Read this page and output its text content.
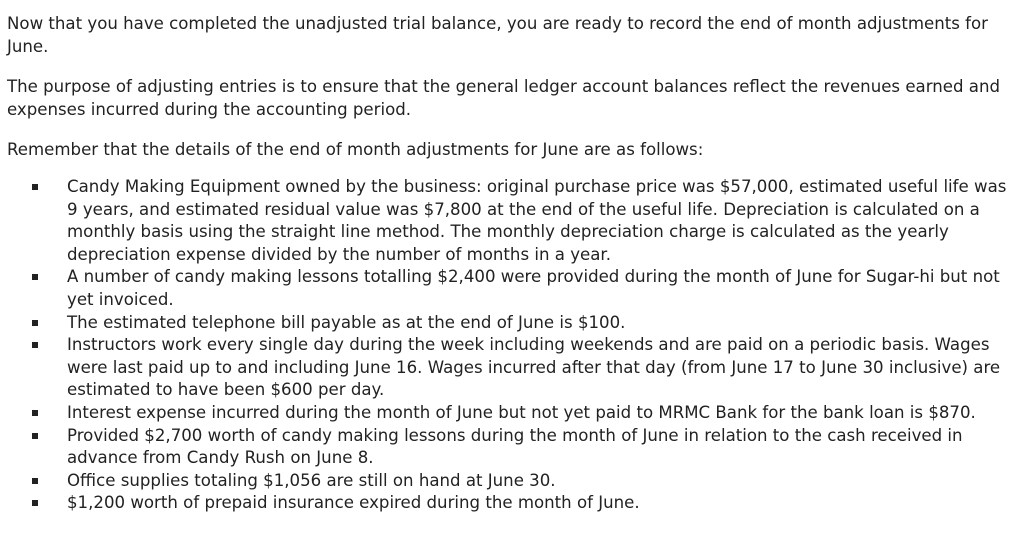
Now that you have completed the unadjusted trial balance, you are ready to record the end of month adjustments for June.

The purpose of adjusting entries is to ensure that the general ledger account balances reflect the revenues earned and expenses incurred during the accounting period.

Remember that the details of the end of month adjustments for June are as follows:

Candy Making Equipment owned by the business: original purchase price was $57,000, estimated useful life was 9 years, and estimated residual value was $7,800 at the end of the useful life. Depreciation is calculated on a monthly basis using the straight line method. The monthly depreciation charge is calculated as the yearly depreciation expense divided by the number of months in a year.
A number of candy making lessons totalling $2,400 were provided during the month of June for Sugar-hi but not yet invoiced.
The estimated telephone bill payable as at the end of June is $100.
Instructors work every single day during the week including weekends and are paid on a periodic basis. Wages were last paid up to and including June 16. Wages incurred after that day (from June 17 to June 30 inclusive) are estimated to have been $600 per day.
Interest expense incurred during the month of June but not yet paid to MRMC Bank for the bank loan is $870.
Provided $2,700 worth of candy making lessons during the month of June in relation to the cash received in advance from Candy Rush on June 8.
Office supplies totaling $1,056 are still on hand at June 30.
$1,200 worth of prepaid insurance expired during the month of June.
